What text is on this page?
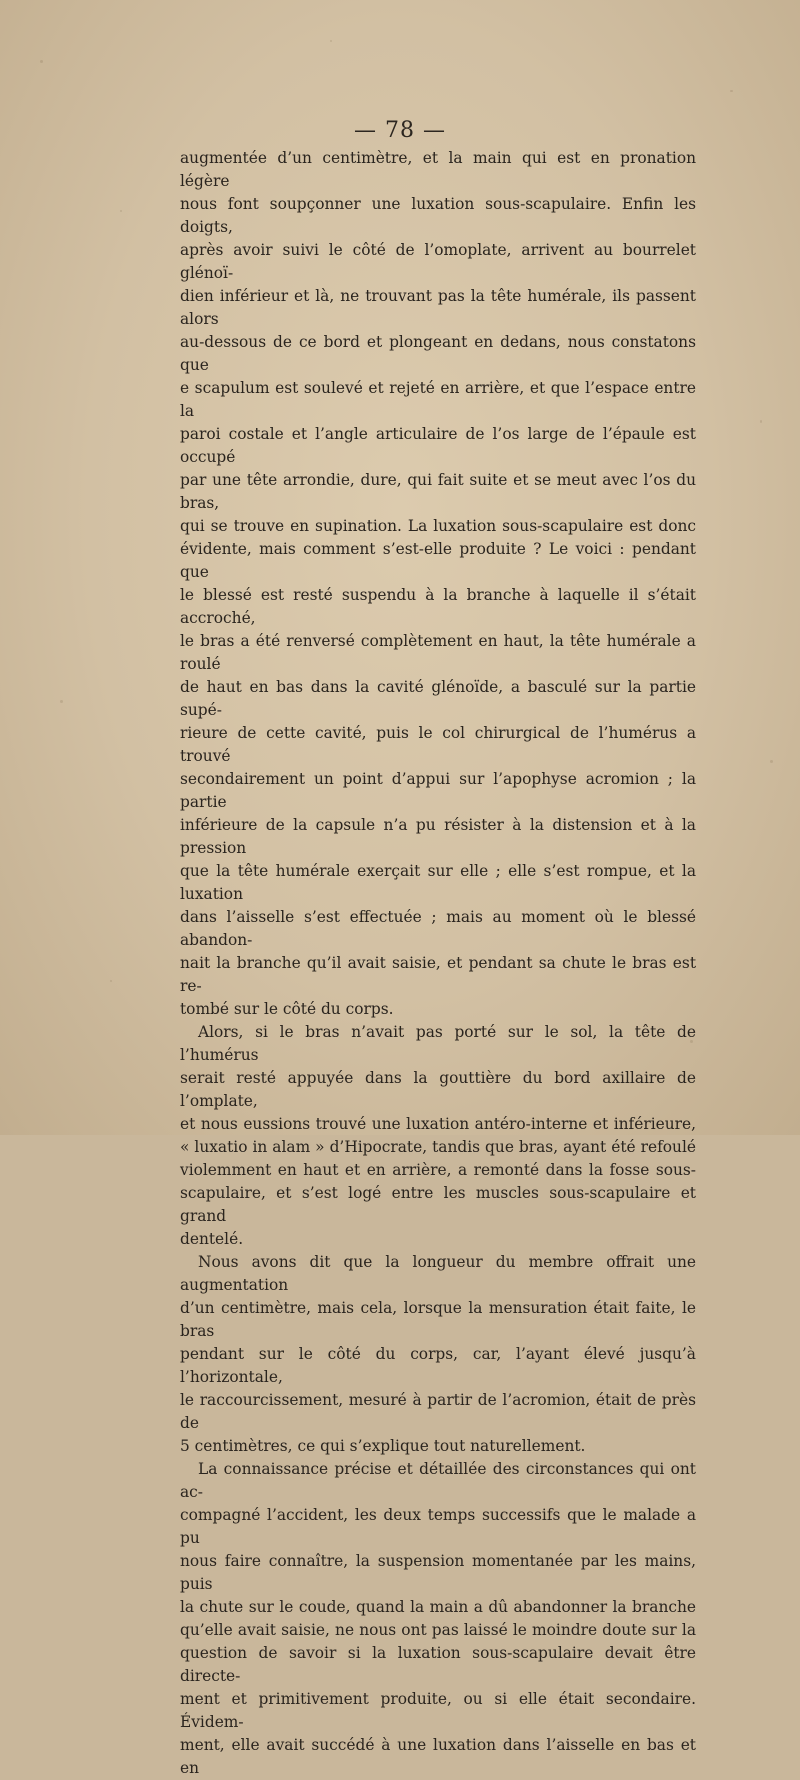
— 78 —
augmentée d’un centimètre, et la main qui est en pronation légère
nous font soupçonner une luxation sous-scapulaire. Enfin les doigts,
après avoir suivi le côté de l’omoplate, arrivent au bourrelet glénoï-
dien inférieur et là, ne trouvant pas la tête humérale, ils passent alors
au-dessous de ce bord et plongeant en dedans, nous constatons que
e scapulum est soulevé et rejeté en arrière, et que l’espace entre la
paroi costale et l’angle articulaire de l’os large de l’épaule est occupé
par une tête arrondie, dure, qui fait suite et se meut avec l’os du bras,
qui se trouve en supination. La luxation sous-scapulaire est donc
évidente, mais comment s’est-elle produite ? Le voici : pendant que
le blessé est resté suspendu à la branche à laquelle il s’était accroché,
le bras a été renversé complètement en haut, la tête humérale a roulé
de haut en bas dans la cavité glénoïde, a basculé sur la partie supé-
rieure de cette cavité, puis le col chirurgical de l’humérus a trouvé
secondairement un point d’appui sur l’apophyse acromion ; la partie
inférieure de la capsule n’a pu résister à la distension et à la pression
que la tête humérale exerçait sur elle ; elle s’est rompue, et la luxation
dans l’aisselle s’est effectuée ; mais au moment où le blessé abandon-
nait la branche qu’il avait saisie, et pendant sa chute le bras est re-
tombé sur le côté du corps.
Alors, si le bras n’avait pas porté sur le sol, la tête de l’humérus
serait resté appuyée dans la gouttière du bord axillaire de l’omplate,
et nous eussions trouvé une luxation antéro-interne et inférieure,
« luxatio in alam » d’Hipocrate, tandis que bras, ayant été refoulé
violemment en haut et en arrière, a remonté dans la fosse sous-
scapulaire, et s’est logé entre les muscles sous-scapulaire et grand
dentelé.
Nous avons dit que la longueur du membre offrait une augmentation
d’un centimètre, mais cela, lorsque la mensuration était faite, le bras
pendant sur le côté du corps, car, l’ayant élevé jusqu’à l’horizontale,
le raccourcissement, mesuré à partir de l’acromion, était de près de
5 centimètres, ce qui s’explique tout naturellement.
La connaissance précise et détaillée des circonstances qui ont ac-
compagné l’accident, les deux temps successifs que le malade a pu
nous faire connaître, la suspension momentanée par les mains, puis
la chute sur le coude, quand la main a dû abandonner la branche
qu’elle avait saisie, ne nous ont pas laissé le moindre doute sur la
question de savoir si la luxation sous-scapulaire devait être directe-
ment et primitivement produite, ou si elle était secondaire. Évidem-
ment, elle avait succédé à une luxation dans l’aisselle en bas et en
